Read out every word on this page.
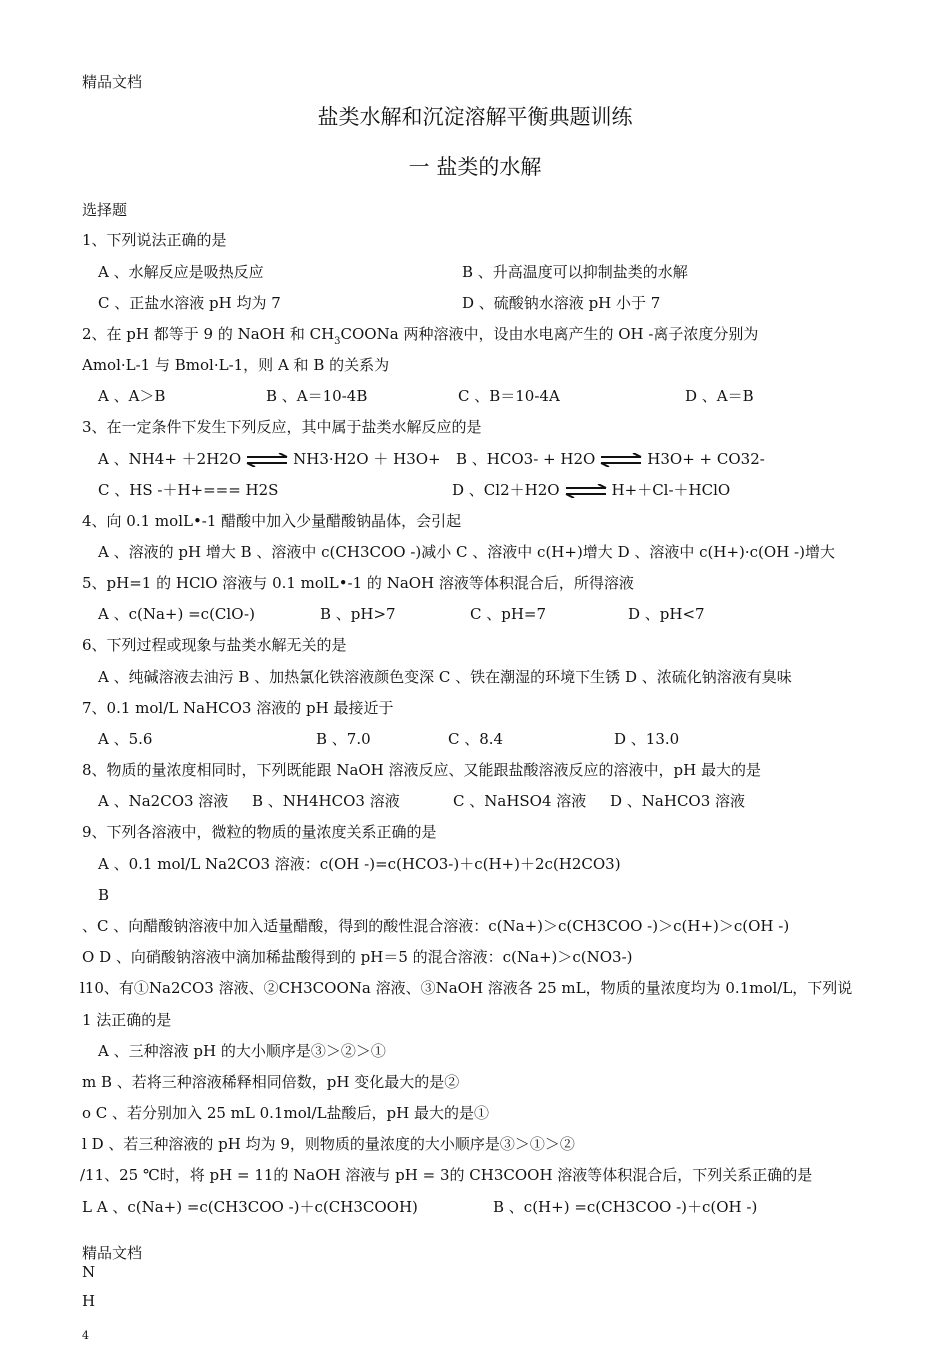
精品文档
盐类水解和沉淀溶解平衡典题训练
一 盐类的水解
选择题
1、下列说法正确的是
A 、水解反应是吸热反应	B 、升高温度可以抑制盐类的水解
C 、正盐水溶液 pH 均为 7	D 、硫酸钠水溶液 pH 小于 7
2、在 pH 都等于 9 的 NaOH 和 $CH_3COONa$ 两种溶液中，设由水电离产生的 OH -离子浓度分别为
Amol·L-1 与 Bmol·L-1，则 A 和 B 的关系为
A 、A＞B	B 、A＝10-4B	C 、B＝10-4A	D 、A＝B
3、在一定条件下发生下列反应，其中属于盐类水解反应的是
A 、NH4+ ＋2H2O ⇌ NH3·H2O ＋ H3O+ B 、HCO3- + H2O ⇌ H3O+ + CO32-
C 、HS -＋H+=== H2S	D 、Cl2＋H2O ⇌ H+＋Cl-＋HClO
4、向 0.1 molL•-1 醋酸中加入少量醋酸钠晶体，会引起
A 、溶液的 pH 增大 B 、溶液中 c(CH3COO -)减小 C 、溶液中 c(H+)增大 D 、溶液中 c(H+)·c(OH -)增大
5、pH=1 的 HClO 溶液与 0.1 molL•-1 的 NaOH 溶液等体积混合后，所得溶液
A 、c(Na+) =c(ClO-)	B 、pH>7	C 、pH=7	D 、pH<7
6、下列过程或现象与盐类水解无关的是
A 、纯碱溶液去油污 B 、加热氯化铁溶液颜色变深 C 、铁在潮湿的环境下生锈 D 、浓硫化钠溶液有臭味
7、0.1 mol/L NaHCO3 溶液的 pH 最接近于
A 、5.6	B 、7.0	C 、8.4	D 、13.0
8、物质的量浓度相同时，下列既能跟 NaOH 溶液反应、又能跟盐酸溶液反应的溶液中，pH 最大的是
A 、Na2CO3 溶液 B 、NH4HCO3 溶液	C 、NaHSO4 溶液 D 、NaHCO3 溶液
9、下列各溶液中，微粒的物质的量浓度关系正确的是
A 、0.1 mol/L Na2CO3 溶液：c(OH -)=c(HCO3-)＋c(H+)＋2c(H2CO3)
B
、C 、向醋酸钠溶液中加入适量醋酸，得到的酸性混合溶液：c(Na+)＞c(CH3COO -)＞c(H+)＞c(OH -)
O D 、向硝酸钠溶液中滴加稀盐酸得到的 pH＝5 的混合溶液：c(Na+)＞c(NO3-)
l10、有①Na2CO3 溶液、②CH3COONa 溶液、③NaOH 溶液各 25 mL，物质的量浓度均为 0.1mol/L，下列说
1 法正确的是
A 、三种溶液 pH 的大小顺序是③＞②＞①
m B 、若将三种溶液稀释相同倍数，pH 变化最大的是②
o C 、若分别加入 25 mL 0.1mol/L盐酸后，pH 最大的是①
l D 、若三种溶液的 pH 均为 9，则物质的量浓度的大小顺序是③＞①＞②
/11、25 ℃时，将 pH = 11的 NaOH 溶液与 pH = 3的 CH3COOH 溶液等体积混合后，下列关系正确的是
L A 、c(Na+) =c(CH3COO -)＋c(CH3COOH)	B 、c(H+) =c(CH3COO -)＋c(OH -)
精品文档
N
H
4
